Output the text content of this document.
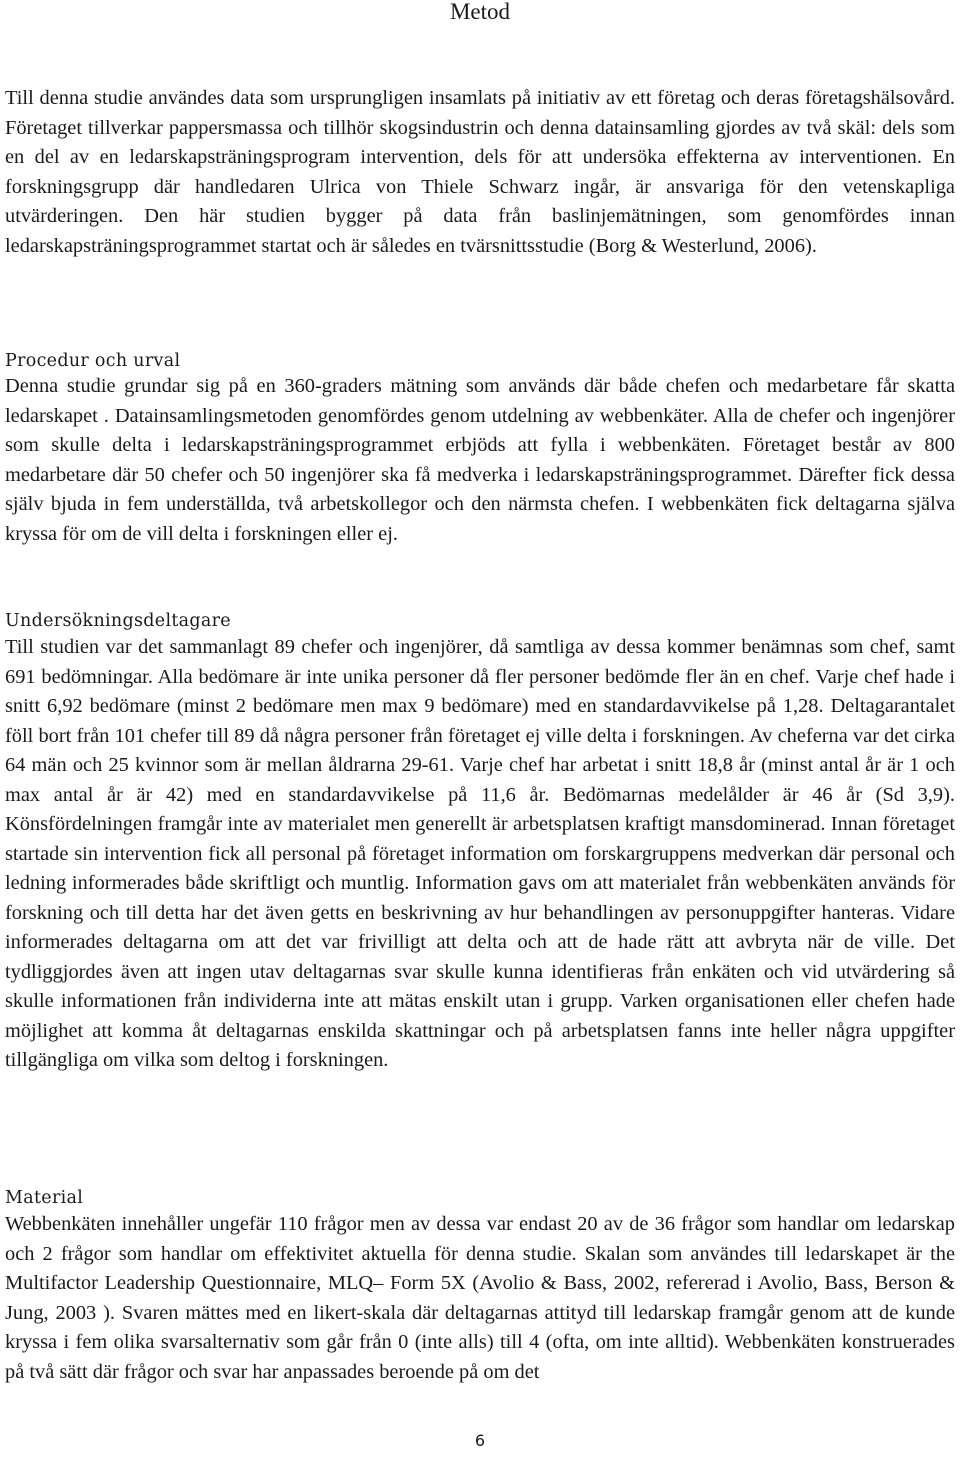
Metod

Till denna studie användes data som ursprungligen insamlats på initiativ av ett företag och deras företagshälsovård. Företaget tillverkar pappersmassa och tillhör skogsindustrin och denna datainsamling gjordes av två skäl: dels som en del av en ledarskapsträningsprogram intervention, dels för att undersöka effekterna av interventionen. En forskningsgrupp där handledaren Ulrica von Thiele Schwarz ingår, är ansvariga för den vetenskapliga utvärderingen. Den här studien bygger på data från baslinjemätningen, som genomfördes innan ledarskapsträningsprogrammet startat och är således en tvärsnittsstudie (Borg & Westerlund, 2006).

Procedur och urval

Denna studie grundar sig på en 360-graders mätning som används där både chefen och medarbetare får skatta ledarskapet . Datainsamlingsmetoden genomfördes genom utdelning av webbenkäter. Alla de chefer och ingenjörer som skulle delta i ledarskapsträningsprogrammet erbjöds att fylla i webbenkäten. Företaget består av 800 medarbetare där 50 chefer och 50 ingenjörer ska få medverka i ledarskapsträningsprogrammet. Därefter fick dessa själv bjuda in fem underställda, två arbetskollegor och den närmsta chefen. I webbenkäten fick deltagarna själva kryssa för om de vill delta i forskningen eller ej.

Undersökningsdeltagare

Till studien var det sammanlagt 89 chefer och ingenjörer, då samtliga av dessa kommer benämnas som chef, samt 691 bedömningar. Alla bedömare är inte unika personer då fler personer bedömde fler än en chef. Varje chef hade i snitt 6,92 bedömare (minst 2 bedömare men max 9 bedömare) med en standardavvikelse på 1,28. Deltagarantalet föll bort från 101 chefer till 89 då några personer från företaget ej ville delta i forskningen. Av cheferna var det cirka 64 män och 25 kvinnor som är mellan åldrarna 29-61. Varje chef har arbetat i snitt 18,8 år (minst antal år är 1 och max antal år är 42) med en standardavvikelse på 11,6 år. Bedömarnas medelålder är 46 år (Sd 3,9). Könsfördelningen framgår inte av materialet men generellt är arbetsplatsen kraftigt mansdominerad. Innan företaget startade sin intervention fick all personal på företaget information om forskargruppens medverkan där personal och ledning informerades både skriftligt och muntlig. Information gavs om att materialet från webbenkäten används för forskning och till detta har det även getts en beskrivning av hur behandlingen av personuppgifter hanteras. Vidare informerades deltagarna om att det var frivilligt att delta och att de hade rätt att avbryta när de ville. Det tydliggjordes även att ingen utav deltagarnas svar skulle kunna identifieras från enkäten och vid utvärdering så skulle informationen från individerna inte att mätas enskilt utan i grupp. Varken organisationen eller chefen hade möjlighet att komma åt deltagarnas enskilda skattningar och på arbetsplatsen fanns inte heller några uppgifter tillgängliga om vilka som deltog i forskningen.

Material

Webbenkäten innehåller ungefär 110 frågor men av dessa var endast 20 av de 36 frågor som handlar om ledarskap och 2 frågor som handlar om effektivitet aktuella för denna studie. Skalan som användes till ledarskapet är the Multifactor Leadership Questionnaire, MLQ– Form 5X (Avolio & Bass, 2002, refererad i Avolio, Bass, Berson & Jung, 2003 ). Svaren mättes med en likert-skala där deltagarnas attityd till ledarskap framgår genom att de kunde kryssa i fem olika svarsalternativ som går från 0 (inte alls) till 4 (ofta, om inte alltid). Webbenkäten konstruerades på två sätt där frågor och svar har anpassades beroende på om det

6
